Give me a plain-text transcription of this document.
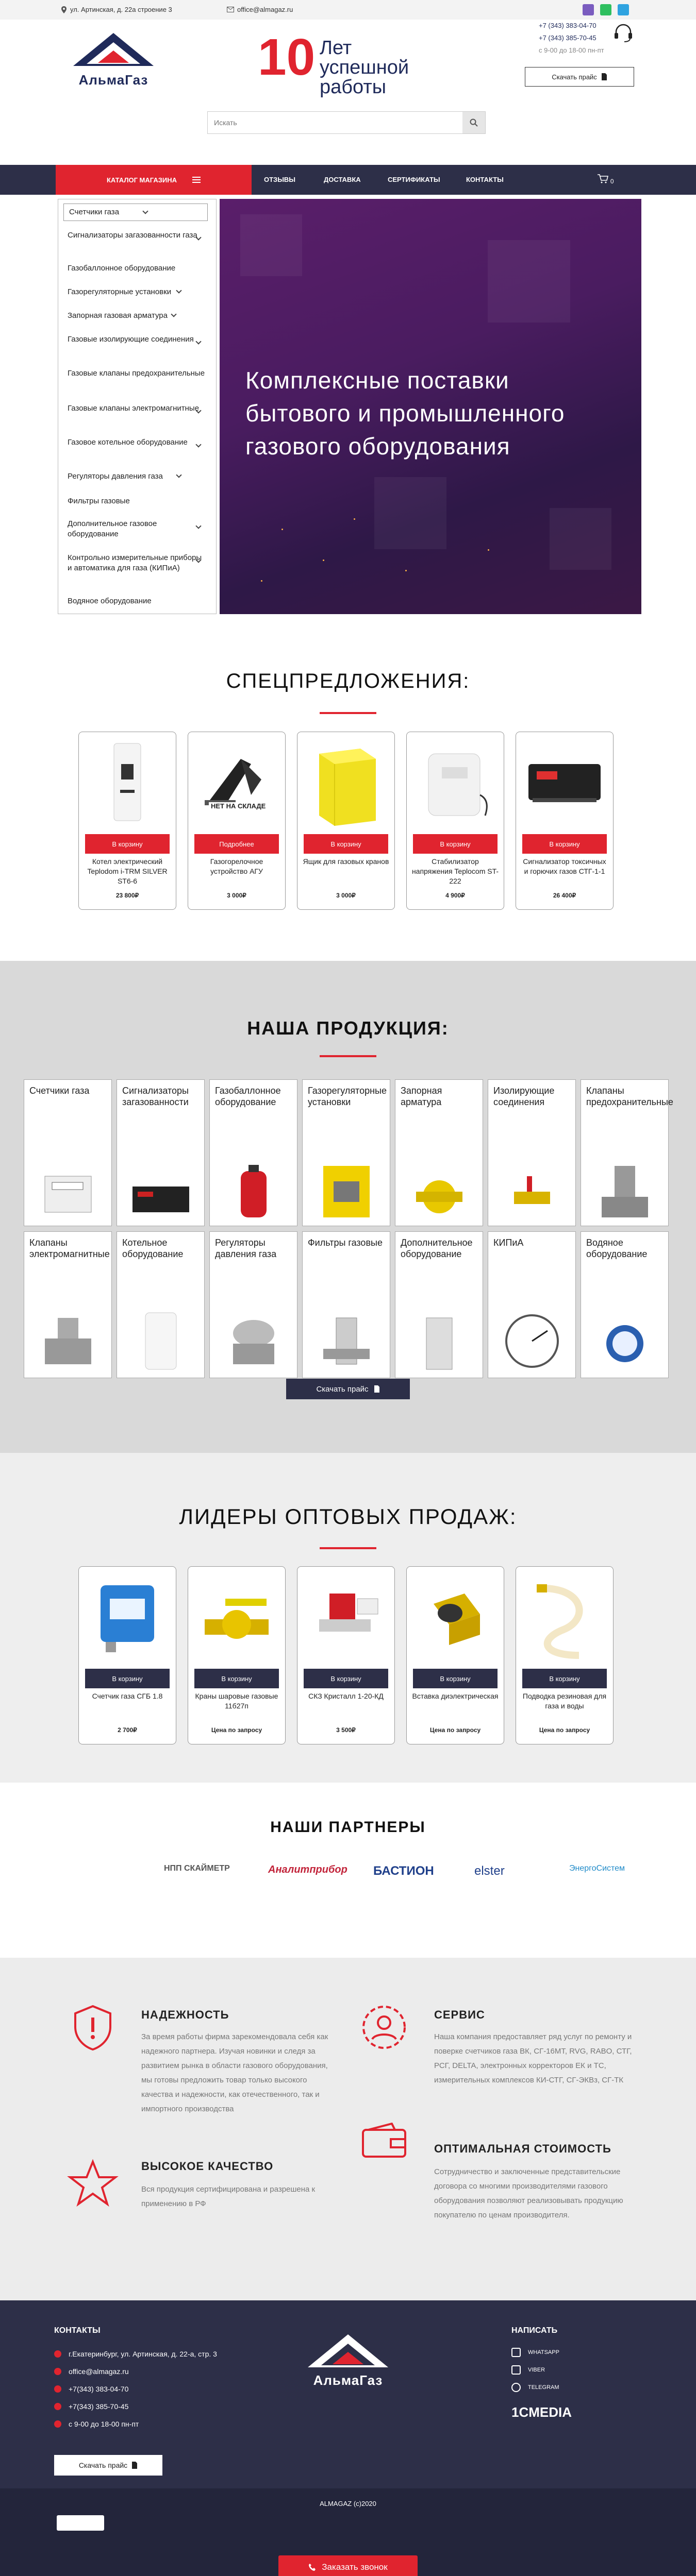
ул. Артинская, д. 22а строение 3	office@almagaz.ru
АльмаГаз	10 Лет успешной работы
+7 (343) 383-04-70
+7 (343) 385-70-45
с 9-00 до 18-00 пн-пт
Скачать прайс
Искать
КАТАЛОГ МАГАЗИНА	ОТЗЫВЫ	ДОСТАВКА	СЕРТИФИКАТЫ	КОНТАКТЫ	0
Счетчики газа
Сигнализаторы загазованности газа
Газобаллонное оборудование
Газорегуляторные установки
Запорная газовая арматура
Газовые изолирующие соединения
Газовые клапаны предохранительные
Газовые клапаны электромагнитные
Газовое котельное оборудование
Регуляторы давления газа
Фильтры газовые
Дополнительное газовое оборудование
Контрольно измерительные приборы и автоматика для газа (КИПиА)
Водяное оборудование
Комплексные поставки бытового и промышленного газового оборудования
СПЕЦПРЕДЛОЖЕНИЯ:
В корзину
Котел электрический Teplodom i-TRM SILVER ST6-6
23 800₽
НЕТ НА СКЛАДЕ
Подробнее
Газогорелочное устройство АГУ
3 000₽
В корзину
Ящик для газовых кранов
3 000₽
В корзину
Стабилизатор напряжения Teplocom ST-222
4 900₽
В корзину
Сигнализатор токсичных и горючих газов СТГ-1-1
26 400₽
НАША ПРОДУКЦИЯ:
Счетчики газа	Сигнализаторы загазованности
Газобаллонное оборудование
Газорегуляторные установки
Запорная арматура
Изолирующие соединения
Клапаны предохранительные
Клапаны электромагнитные
Котельное оборудование
Регуляторы давления газа
Фильтры газовые Дополнительное оборудование
КИПиА	Водяное оборудование
Скачать прайс
ЛИДЕРЫ ОПТОВЫХ ПРОДАЖ:
В корзину
Счетчик газа СГБ 1.8
2 700₽
В корзину
Краны шаровые газовые 11б27п
Цена по запросу
В корзину
СКЗ Кристалл 1-20-КД
3 500₽
В корзину
Вставка диэлектрическая
Цена по запросу
В корзину
Подводка резиновая для газа и воды
Цена по запросу
НАШИ ПАРТНЕРЫ
НПП СКАЙМЕТР	Аналитприбор БАСТИОН	elster	ЭнергоСистем
НАДЕЖНОСТЬ
За время работы фирма зарекомендовала себя как надежного партнера. Изучая новинки и следя за развитием рынка в области газового оборудования, мы готовы предложить товар только высокого качества и надежности, как отечественного, так и импортного производства
ВЫСОКОЕ КАЧЕСТВО
Вся продукция сертифицирована и разрешена к применению в РФ
СЕРВИС
Наша компания предоставляет ряд услуг по ремонту и поверке счетчиков газа ВК, СГ-16МТ, RVG, RABO, СТГ, РСГ, DELTA, электронных корректоров ЕК и ТС, измерительных комплексов КИ-СТГ, СГ-ЭКВз, СГ-ТК
ОПТИМАЛЬНАЯ СТОИМОСТЬ
Сотрудничество и заключенные представительские договора со многими производителями газового оборудования позволяют реализовывать продукцию покупателю по ценам производителя.
КОНТАКТЫ
г.Екатеринбург, ул. Артинская, д. 22-а, стр. 3
office@almagaz.ru
+7(343) 383-04-70
+7(343) 385-70-45
с 9-00 до 18-00 пн-пт
Скачать прайс
АльмаГаз
НАПИСАТЬ
WHATSAPP
VIBER
TELEGRAM
1CMEDIA
ALMAGAZ (c)2020
Заказать звонок
